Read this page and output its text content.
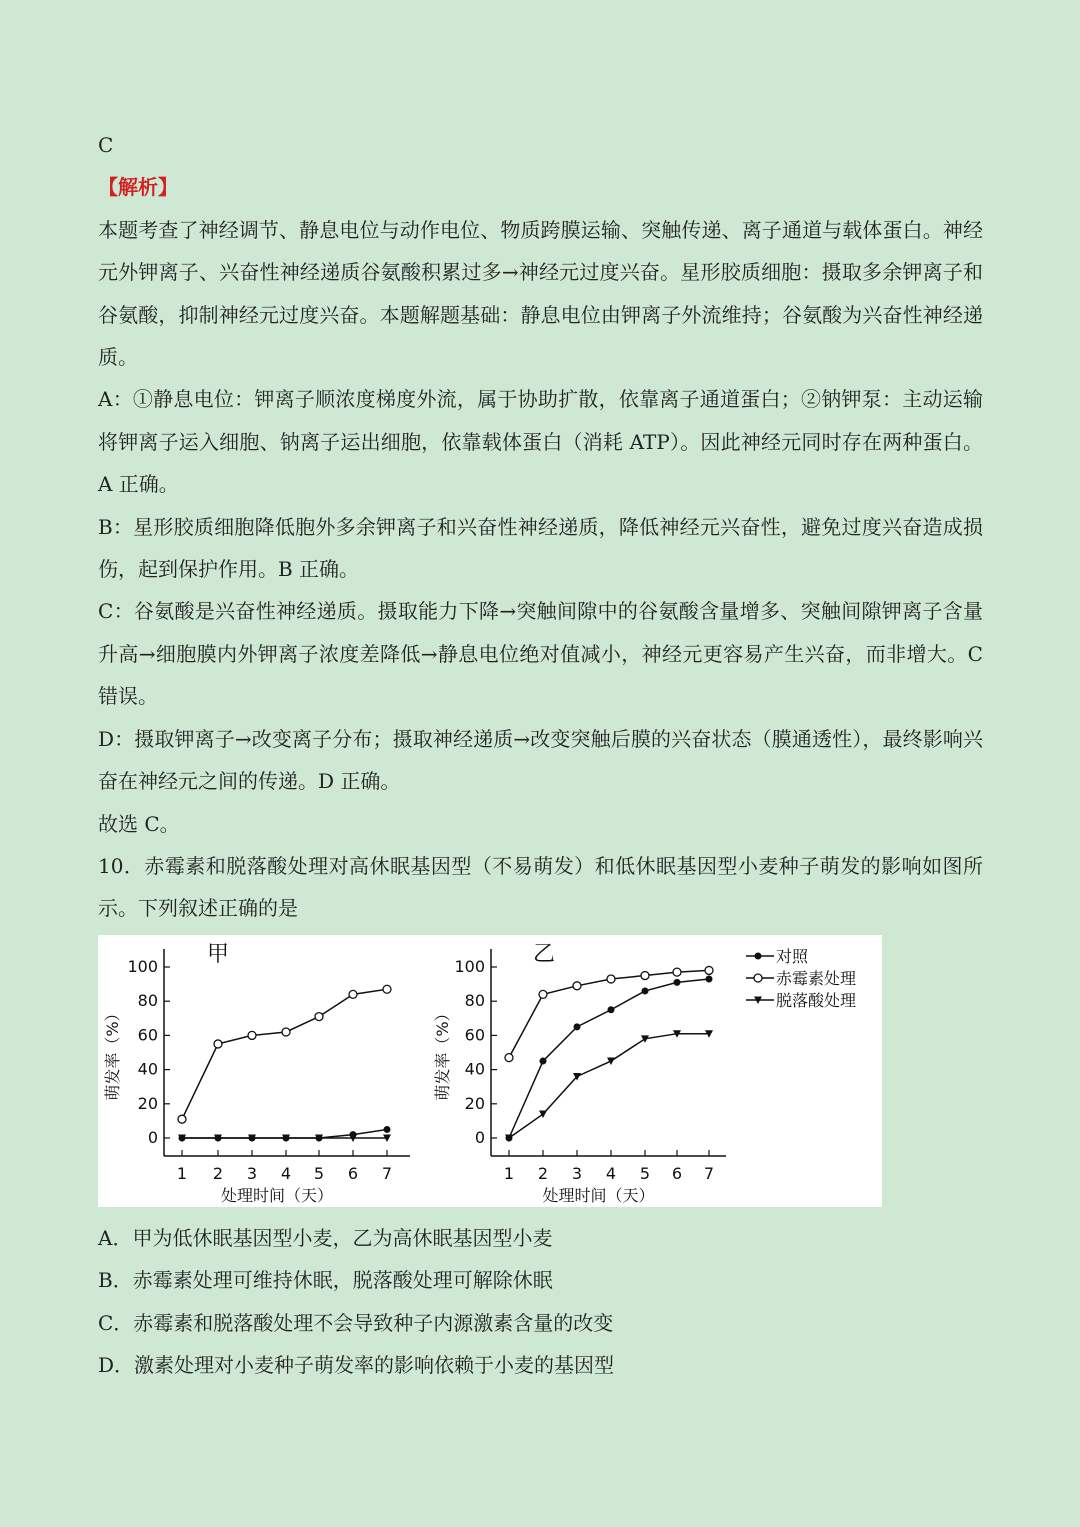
C

【解析】

本题考查了神经调节、静息电位与动作电位、物质跨膜运输、突触传递、离子通道与载体蛋白。神经元外钾离子、兴奋性神经递质谷氨酸积累过多→神经元过度兴奋。星形胶质细胞：摄取多余钾离子和谷氨酸，抑制神经元过度兴奋。本题解题基础：静息电位由钾离子外流维持；谷氨酸为兴奋性神经递质。

A：①静息电位：钾离子顺浓度梯度外流，属于协助扩散，依靠离子通道蛋白；②钠钾泵：主动运输将钾离子运入细胞、钠离子运出细胞，依靠载体蛋白（消耗 ATP）。因此神经元同时存在两种蛋白。A 正确。

B：星形胶质细胞降低胞外多余钾离子和兴奋性神经递质，降低神经元兴奋性，避免过度兴奋造成损伤，起到保护作用。B 正确。

C：谷氨酸是兴奋性神经递质。摄取能力下降→突触间隙中的谷氨酸含量增多、突触间隙钾离子含量升高→细胞膜内外钾离子浓度差降低→静息电位绝对值减小，神经元更容易产生兴奋，而非增大。C 错误。

D：摄取钾离子→改变离子分布；摄取神经递质→改变突触后膜的兴奋状态（膜通透性），最终影响兴奋在神经元之间的传递。D 正确。

故选 C。

10．赤霉素和脱落酸处理对高休眠基因型（不易萌发）和低休眠基因型小麦种子萌发的影响如图所示。下列叙述正确的是

甲
0
20
40
60
80
100
1 2 3 4 5 6 7
处理时间（天）
萌发率（%）
乙
0
20
40
60
80
100
1 2 3 4 5 6 7
处理时间（天）
萌发率（%）
对照
赤霉素处理
脱落酸处理
A．甲为低休眠基因型小麦，乙为高休眠基因型小麦
B．赤霉素处理可维持休眠，脱落酸处理可解除休眠
C．赤霉素和脱落酸处理不会导致种子内源激素含量的改变
D．激素处理对小麦种子萌发率的影响依赖于小麦的基因型
